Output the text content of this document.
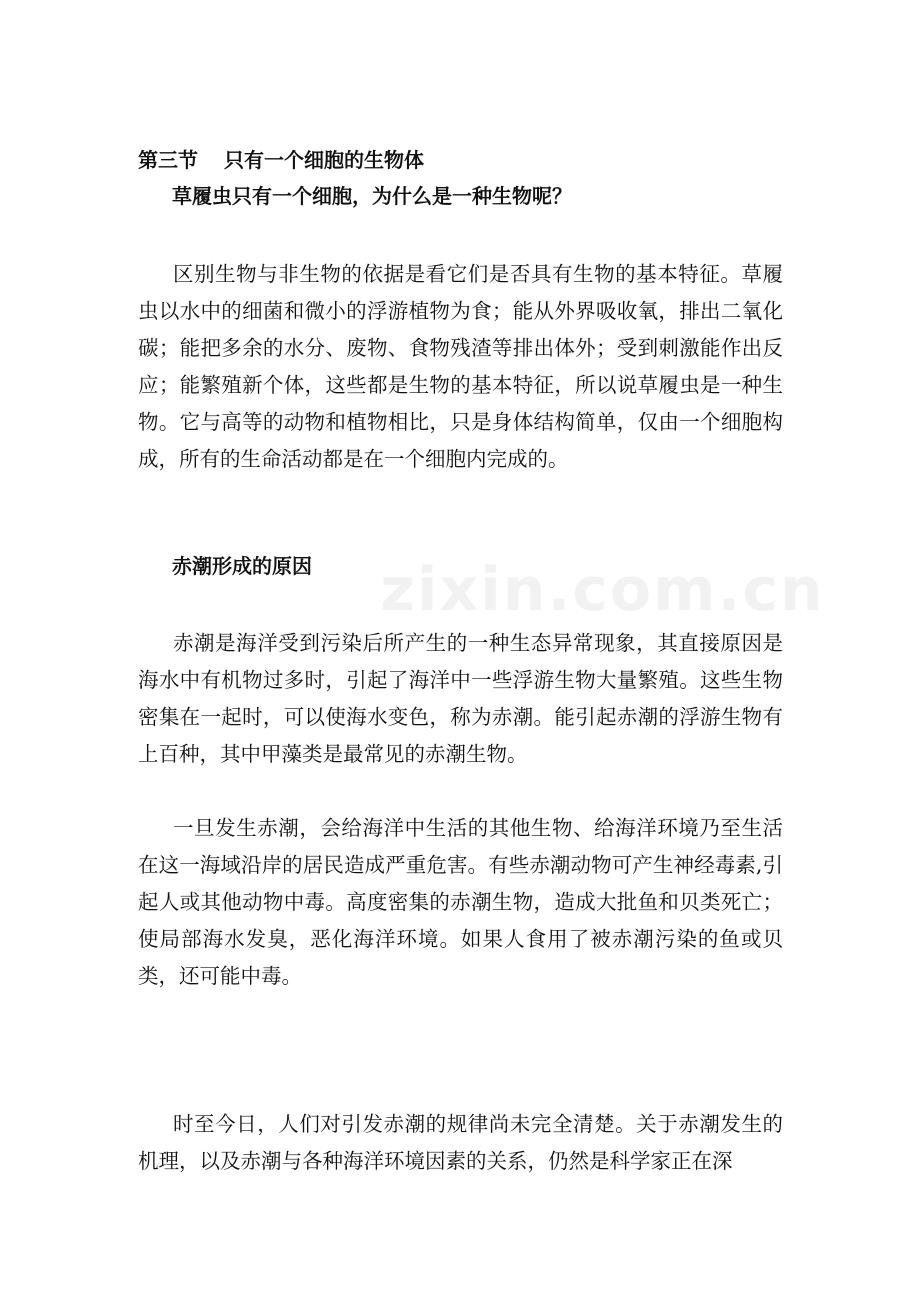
第三节 只有一个细胞的生物体
草履虫只有一个细胞，为什么是一种生物呢？

区别生物与非生物的依据是看它们是否具有生物的基本特征。草履虫以水中的细菌和微小的浮游植物为食；能从外界吸收氧，排出二氧化碳；能把多余的水分、废物、食物残渣等排出体外；受到刺激能作出反应；能繁殖新个体，这些都是生物的基本特征，所以说草履虫是一种生物。它与高等的动物和植物相比，只是身体结构简单，仅由一个细胞构成，所有的生命活动都是在一个细胞内完成的。

赤潮形成的原因

赤潮是海洋受到污染后所产生的一种生态异常现象，其直接原因是海水中有机物过多时，引起了海洋中一些浮游生物大量繁殖。这些生物密集在一起时，可以使海水变色，称为赤潮。能引起赤潮的浮游生物有上百种，其中甲藻类是最常见的赤潮生物。

一旦发生赤潮，会给海洋中生活的其他生物、给海洋环境乃至生活在这一海域沿岸的居民造成严重危害。有些赤潮动物可产生神经毒素,引起人或其他动物中毒。高度密集的赤潮生物，造成大批鱼和贝类死亡；使局部海水发臭，恶化海洋环境。如果人食用了被赤潮污染的鱼或贝类，还可能中毒。

时至今日，人们对引发赤潮的规律尚未完全清楚。关于赤潮发生的机理，以及赤潮与各种海洋环境因素的关系，仍然是科学家正在深

zixin.com.cn
